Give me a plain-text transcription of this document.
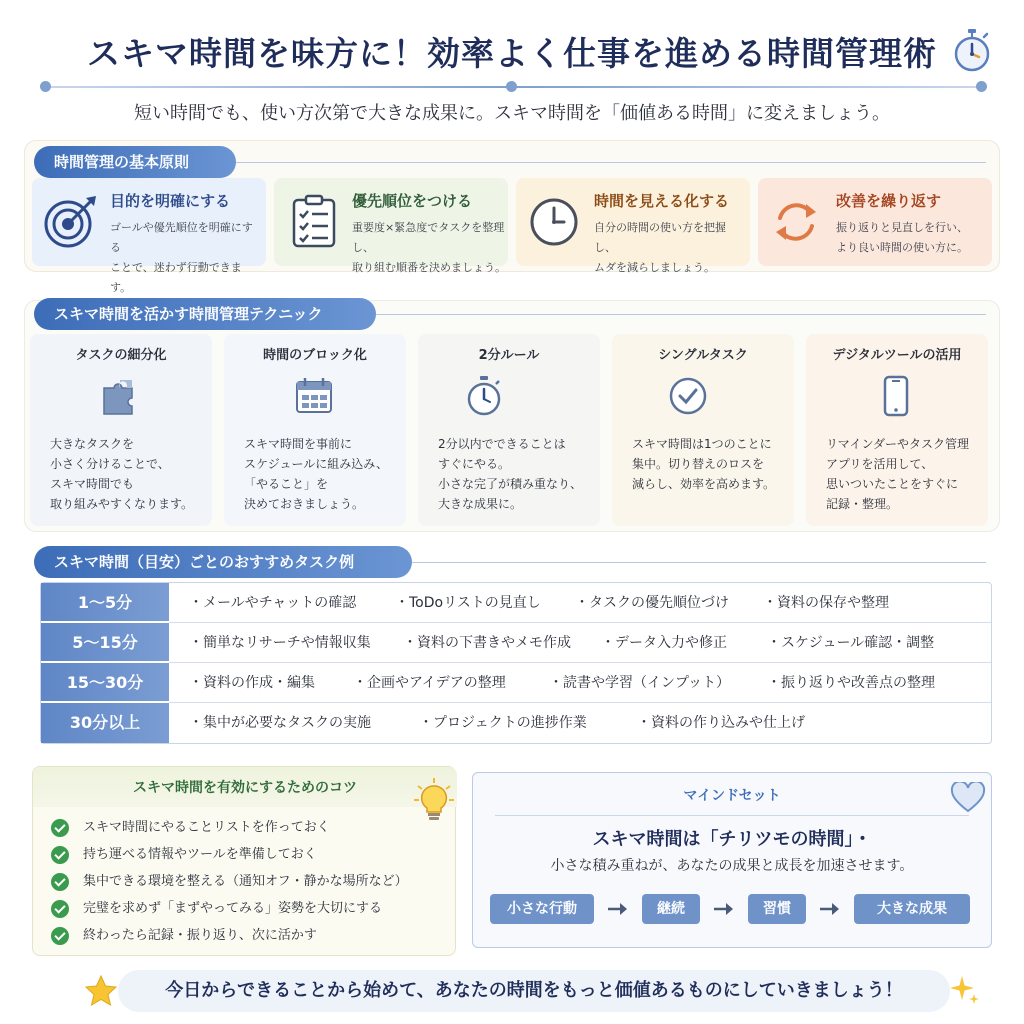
スキマ時間を味方に！効率よく仕事を進める時間管理術
短い時間でも、使い方次第で大きな成果に。スキマ時間を「価値ある時間」に変えましょう。
時間管理の基本原則
目的を明確にする
ゴールや優先順位を明確にする
ことで、迷わず行動できます。
優先順位をつける
重要度×緊急度でタスクを整理し、
取り組む順番を決めましょう。
時間を見える化する
自分の時間の使い方を把握し、
ムダを減らしましょう。
改善を繰り返す
振り返りと見直しを行い、
より良い時間の使い方に。
スキマ時間を活かす時間管理テクニック
タスクの細分化
大きなタスクを
小さく分けることで、
スキマ時間でも
取り組みやすくなります。
時間のブロック化
スキマ時間を事前に
スケジュールに組み込み、
「やること」を
決めておきましょう。
2分ルール
2分以内でできることは
すぐにやる。
小さな完了が積み重なり、
大きな成果に。
シングルタスク
スキマ時間は1つのことに
集中。切り替えのロスを
減らし、効率を高めます。
デジタルツールの活用
リマインダーやタスク管理
アプリを活用して、
思いついたことをすぐに
記録・整理。
スキマ時間（目安）ごとのおすすめタスク例
1〜5分	・メールやチャットの確認	・ToDoリストの見直し ・タスクの優先順位づけ ・資料の保存や整理
5〜15分	・簡単なリサーチや情報収集 ・資料の下書きやメモ作成 ・データ入力や修正	・スケジュール確認・調整
15〜30分	・資料の作成・編集	・企画やアイデアの整理	・読書や学習（インプット）	・振り返りや改善点の整理
30分以上	・集中が必要なタスクの実施	・プロジェクトの進捗作業	・資料の作り込みや仕上げ
スキマ時間を有効にするためのコツ
スキマ時間にやることリストを作っておく
持ち運べる情報やツールを準備しておく
集中できる環境を整える（通知オフ・静かな場所など）
完璧を求めず「まずやってみる」姿勢を大切にする
終わったら記録・振り返り、次に活かす
マインドセット
スキマ時間は「チリツモの時間」・
小さな積み重ねが、あなたの成果と成長を加速させます。
小さな行動	継続	習慣	大きな成果
今日からできることから始めて、あなたの時間をもっと価値あるものにしていきましょう！
